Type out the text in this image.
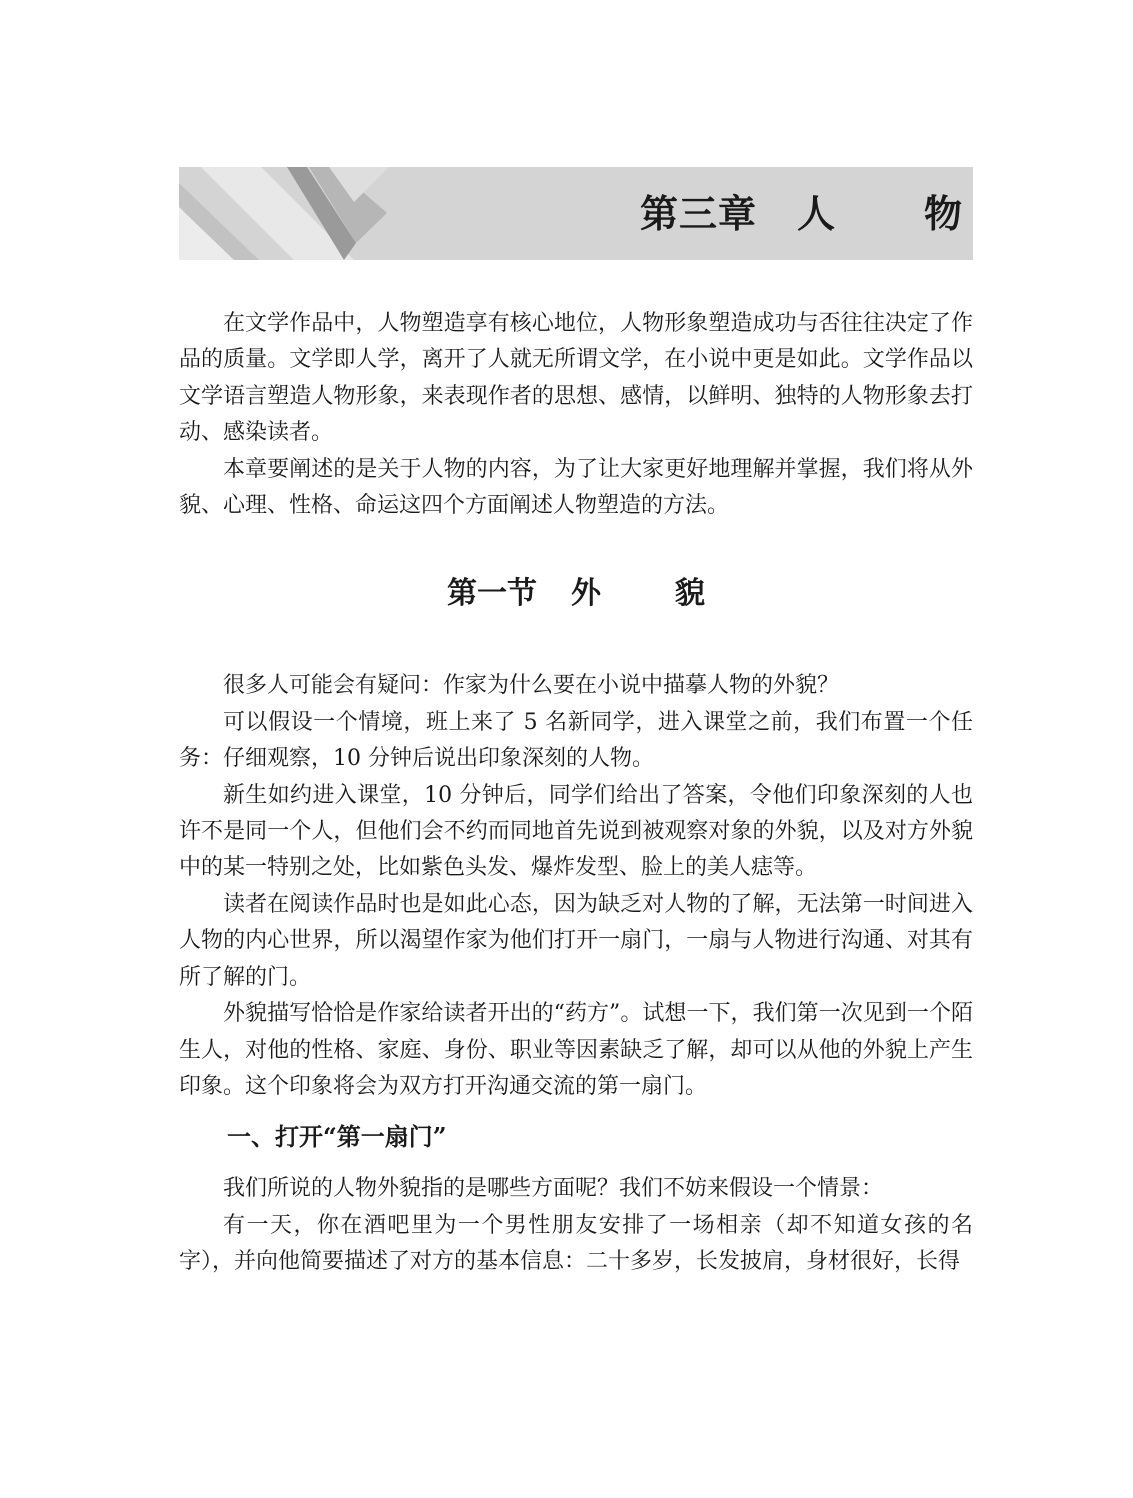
第三章 人 物

在文学作品中，人物塑造享有核心地位，人物形象塑造成功与否往往决定了作品的质量。文学即人学，离开了人就无所谓文学，在小说中更是如此。文学作品以文学语言塑造人物形象，来表现作者的思想、感情，以鲜明、独特的人物形象去打动、感染读者。

本章要阐述的是关于人物的内容，为了让大家更好地理解并掌握，我们将从外貌、心理、性格、命运这四个方面阐述人物塑造的方法。

第一节 外 貌

很多人可能会有疑问：作家为什么要在小说中描摹人物的外貌？

可以假设一个情境，班上来了 5 名新同学，进入课堂之前，我们布置一个任务：仔细观察，10 分钟后说出印象深刻的人物。

新生如约进入课堂，10 分钟后，同学们给出了答案，令他们印象深刻的人也许不是同一个人，但他们会不约而同地首先说到被观察对象的外貌，以及对方外貌中的某一特别之处，比如紫色头发、爆炸发型、脸上的美人痣等。

读者在阅读作品时也是如此心态，因为缺乏对人物的了解，无法第一时间进入人物的内心世界，所以渴望作家为他们打开一扇门，一扇与人物进行沟通、对其有所了解的门。

外貌描写恰恰是作家给读者开出的“药方”。试想一下，我们第一次见到一个陌生人，对他的性格、家庭、身份、职业等因素缺乏了解，却可以从他的外貌上产生印象。这个印象将会为双方打开沟通交流的第一扇门。

一、打开“第一扇门”

我们所说的人物外貌指的是哪些方面呢？我们不妨来假设一个情景：

有一天，你在酒吧里为一个男性朋友安排了一场相亲（却不知道女孩的名字），并向他简要描述了对方的基本信息：二十多岁，长发披肩，身材很好，长得
